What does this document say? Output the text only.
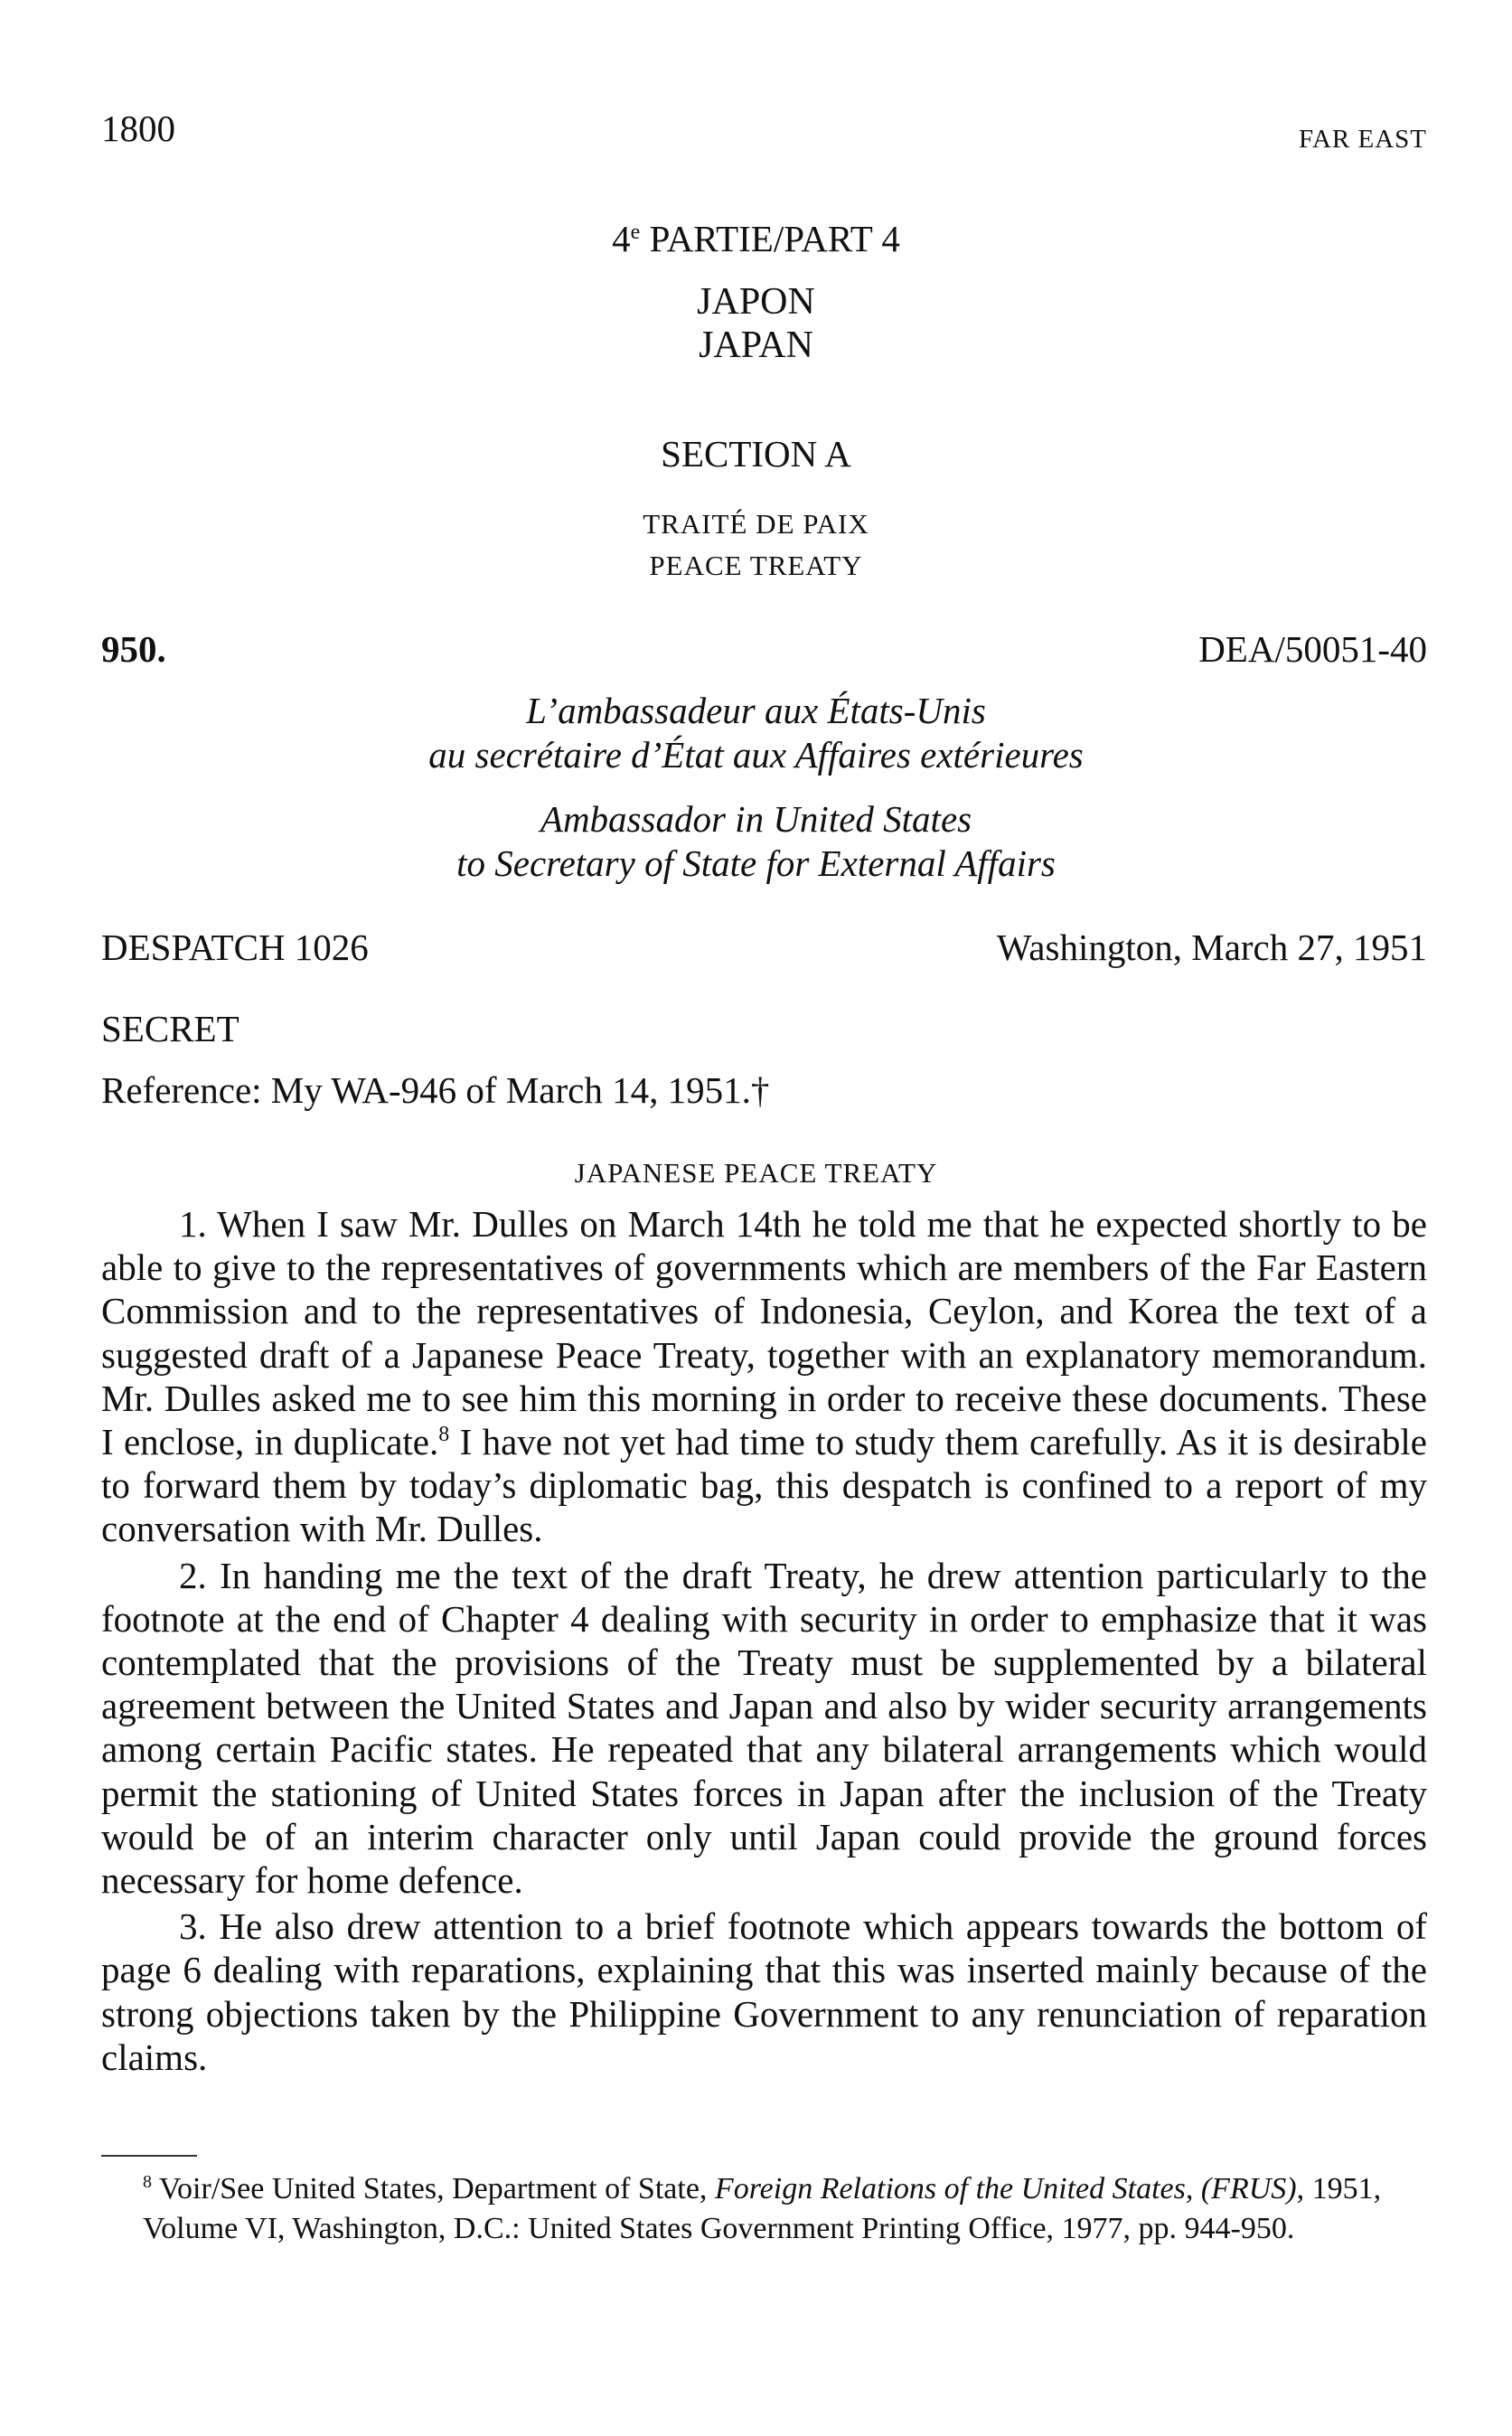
1800	FAR EAST
4e PARTIE/PART 4
JAPON
JAPAN
SECTION A
TRAITÉ DE PAIX
PEACE TREATY
950.	DEA/50051-40
L’ambassadeur aux États-Unis
au secrétaire d’État aux Affaires extérieures
Ambassador in United States
to Secretary of State for External Affairs
DESPATCH 1026	Washington, March 27, 1951
SECRET
Reference: My WA-946 of March 14, 1951.†
JAPANESE PEACE TREATY

1. When I saw Mr. Dulles on March 14th he told me that he expected shortly to be able to give to the representatives of governments which are members of the Far Eastern Commission and to the representatives of Indonesia, Ceylon, and Korea the text of a suggested draft of a Japanese Peace Treaty, together with an explanatory memorandum. Mr. Dulles asked me to see him this morning in order to receive these documents. These I enclose, in duplicate.$^8$ I have not yet had time to study them carefully. As it is desirable to forward them by today’s diplomatic bag, this despatch is confined to a report of my conversation with Mr. Dulles.

2. In handing me the text of the draft Treaty, he drew attention particularly to the footnote at the end of Chapter 4 dealing with security in order to emphasize that it was contemplated that the provisions of the Treaty must be supplemented by a bilateral agreement between the United States and Japan and also by wider security arrangements among certain Pacific states. He repeated that any bilateral arrangements which would permit the stationing of United States forces in Japan after the inclusion of the Treaty would be of an interim character only until Japan could provide the ground forces necessary for home defence.

3. He also drew attention to a brief footnote which appears towards the bottom of page 6 dealing with reparations, explaining that this was inserted mainly because of the strong objections taken by the Philippine Government to any renunciation of reparation claims.

$^8$ Voir/See United States, Department of State, Foreign Relations of the United States, (FRUS), 1951,
Volume VI, Washington, D.C.: United States Government Printing Office, 1977, pp. 944-950.
